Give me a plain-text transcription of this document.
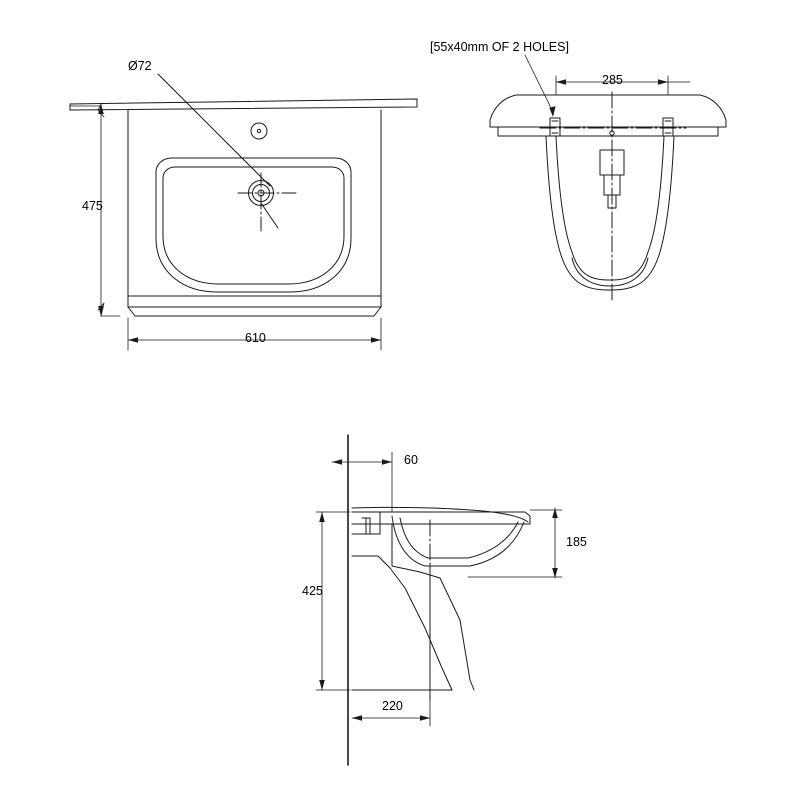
Ø72
475
610
[55x40mm OF 2 HOLES]
285
60
185
425
220
